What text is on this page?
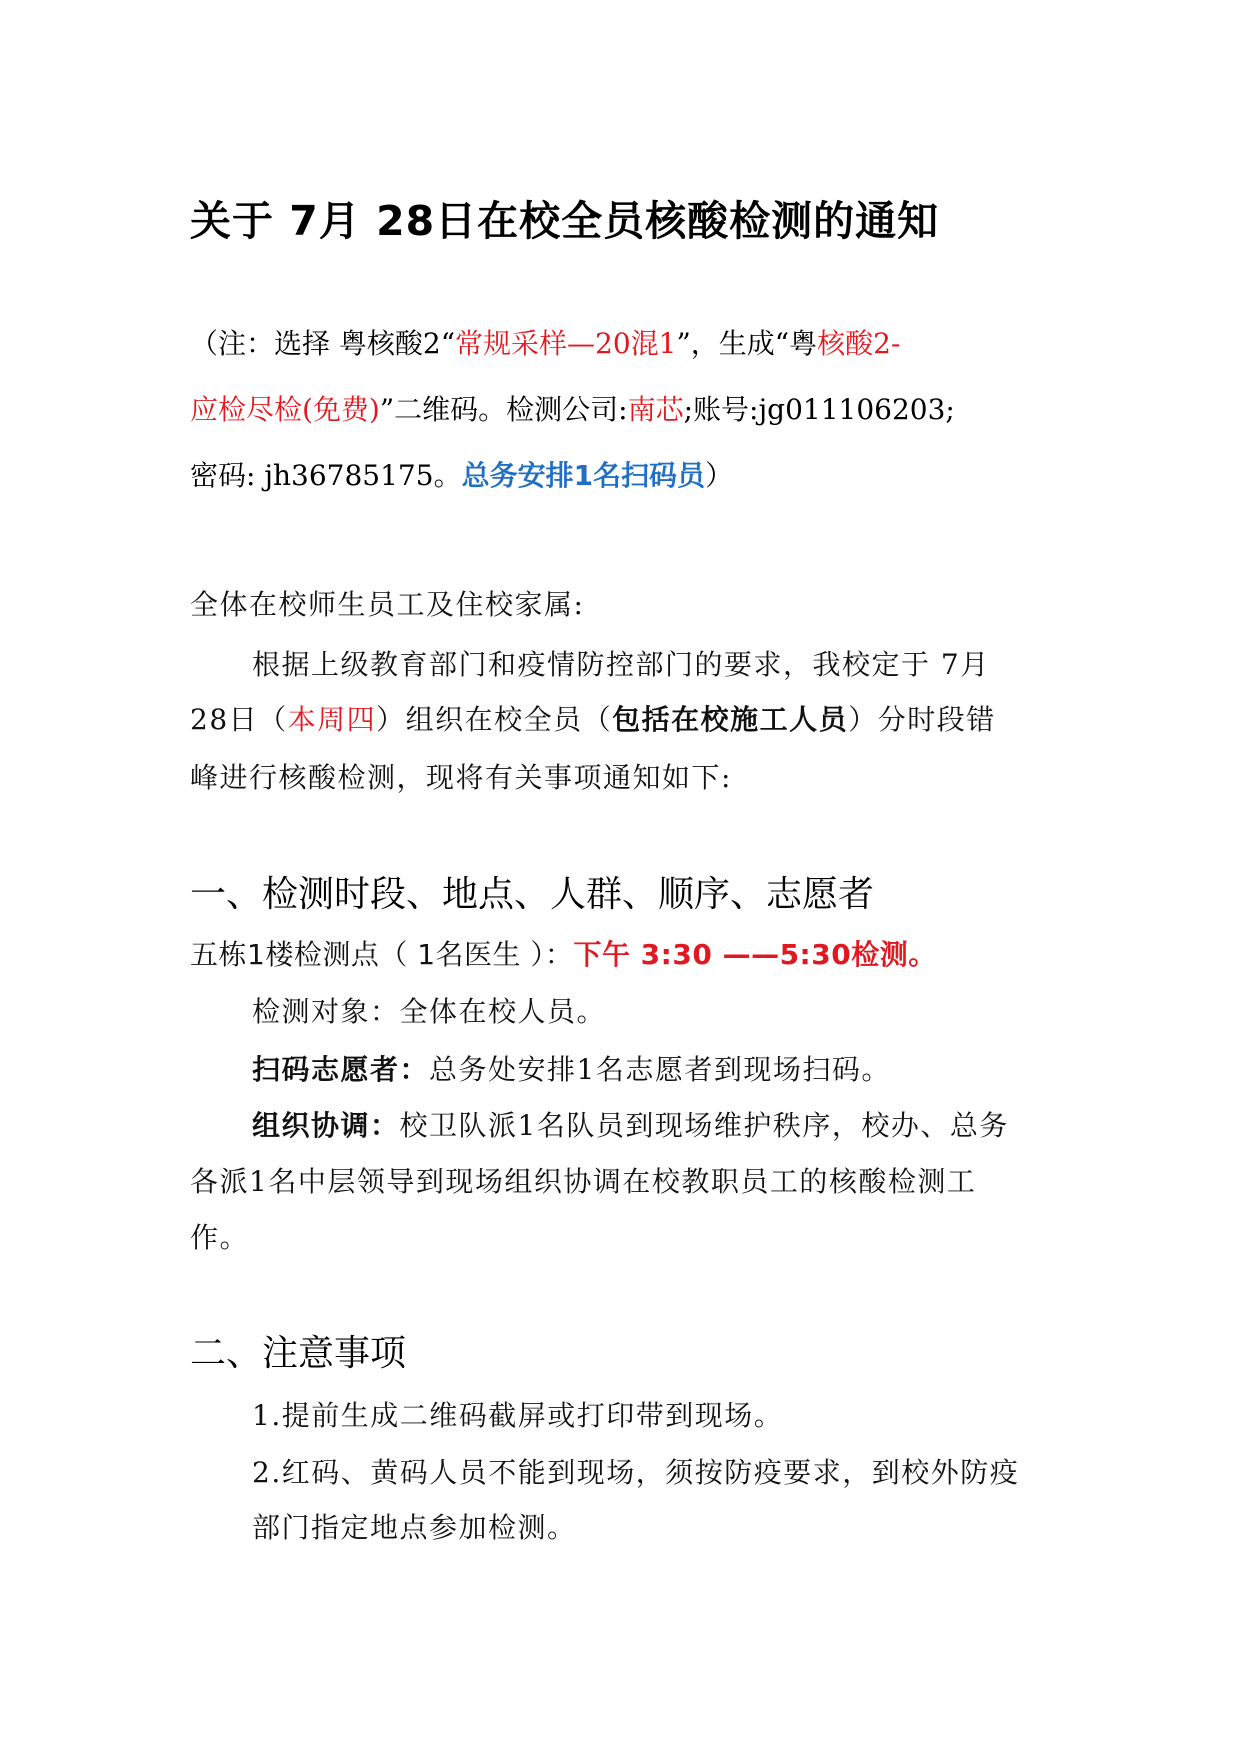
关于 7月 28日在校全员核酸检测的通知
（注：选择 粤核酸2“常规采样—20混1”，生成“粤核酸2-
应检尽检(免费)”二维码。检测公司:南芯;账号:jg011106203;
密码: jh36785175。总务安排1名扫码员）
全体在校师生员工及住校家属:
根据上级教育部门和疫情防控部门的要求，我校定于 7月
28日（本周四）组织在校全员（包括在校施工人员）分时段错
峰进行核酸检测，现将有关事项通知如下:
一、检测时段、地点、人群、顺序、志愿者
五栋1楼检测点（ 1名医生 ）：下午 3:30 ——5:30检测。
检测对象：全体在校人员。
扫码志愿者：总务处安排1名志愿者到现场扫码。
组织协调：校卫队派1名队员到现场维护秩序，校办、总务
各派1名中层领导到现场组织协调在校教职员工的核酸检测工
作。
二、注意事项
1.提前生成二维码截屏或打印带到现场。
2.红码、黄码人员不能到现场，须按防疫要求，到校外防疫
部门指定地点参加检测。
